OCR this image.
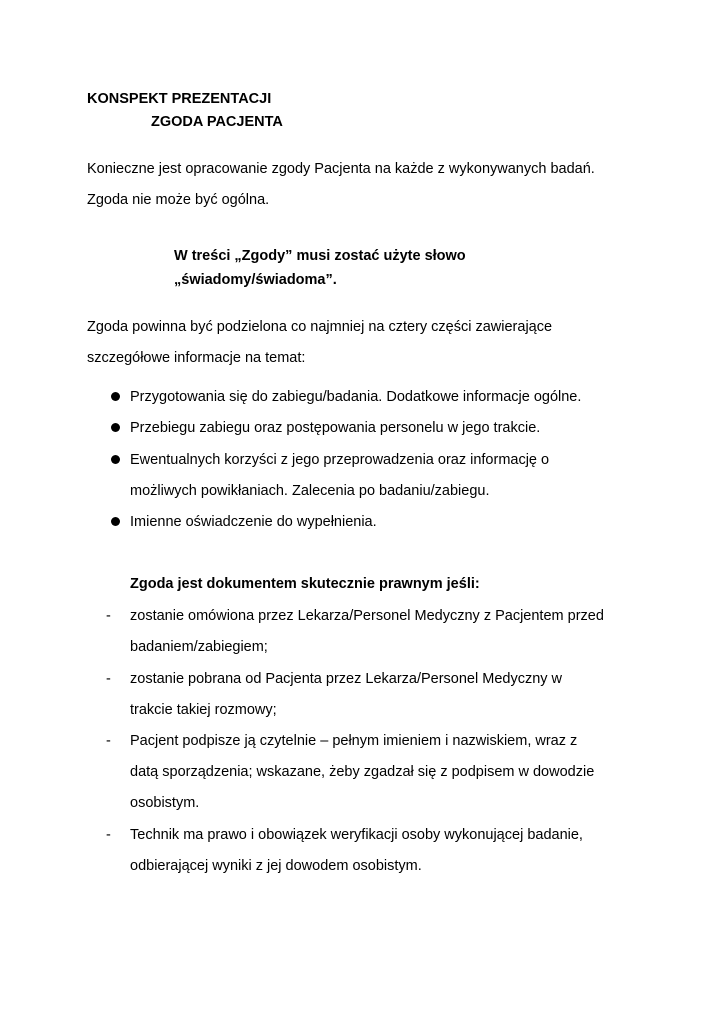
KONSPEKT PREZENTACJI
ZGODA PACJENTA
Konieczne jest opracowanie zgody Pacjenta na każde z wykonywanych badań.
Zgoda nie może być ogólna.
W treści „Zgody” musi zostać użyte słowo
„świadomy/świadoma”.
Zgoda powinna być podzielona co najmniej na cztery części zawierające
szczegółowe informacje na temat:
Przygotowania się do zabiegu/badania. Dodatkowe informacje ogólne.
Przebiegu zabiegu oraz postępowania personelu w jego trakcie.
Ewentualnych korzyści z jego przeprowadzenia oraz informację o
możliwych powikłaniach. Zalecenia po badaniu/zabiegu.
Imienne oświadczenie do wypełnienia.
Zgoda jest dokumentem skutecznie prawnym jeśli:
- zostanie omówiona przez Lekarza/Personel Medyczny z Pacjentem przed
badaniem/zabiegiem;
- zostanie pobrana od Pacjenta przez Lekarza/Personel Medyczny w
trakcie takiej rozmowy;
- Pacjent podpisze ją czytelnie – pełnym imieniem i nazwiskiem, wraz z
datą sporządzenia; wskazane, żeby zgadzał się z podpisem w dowodzie
osobistym.
- Technik ma prawo i obowiązek weryfikacji osoby wykonującej badanie,
odbierającej wyniki z jej dowodem osobistym.
